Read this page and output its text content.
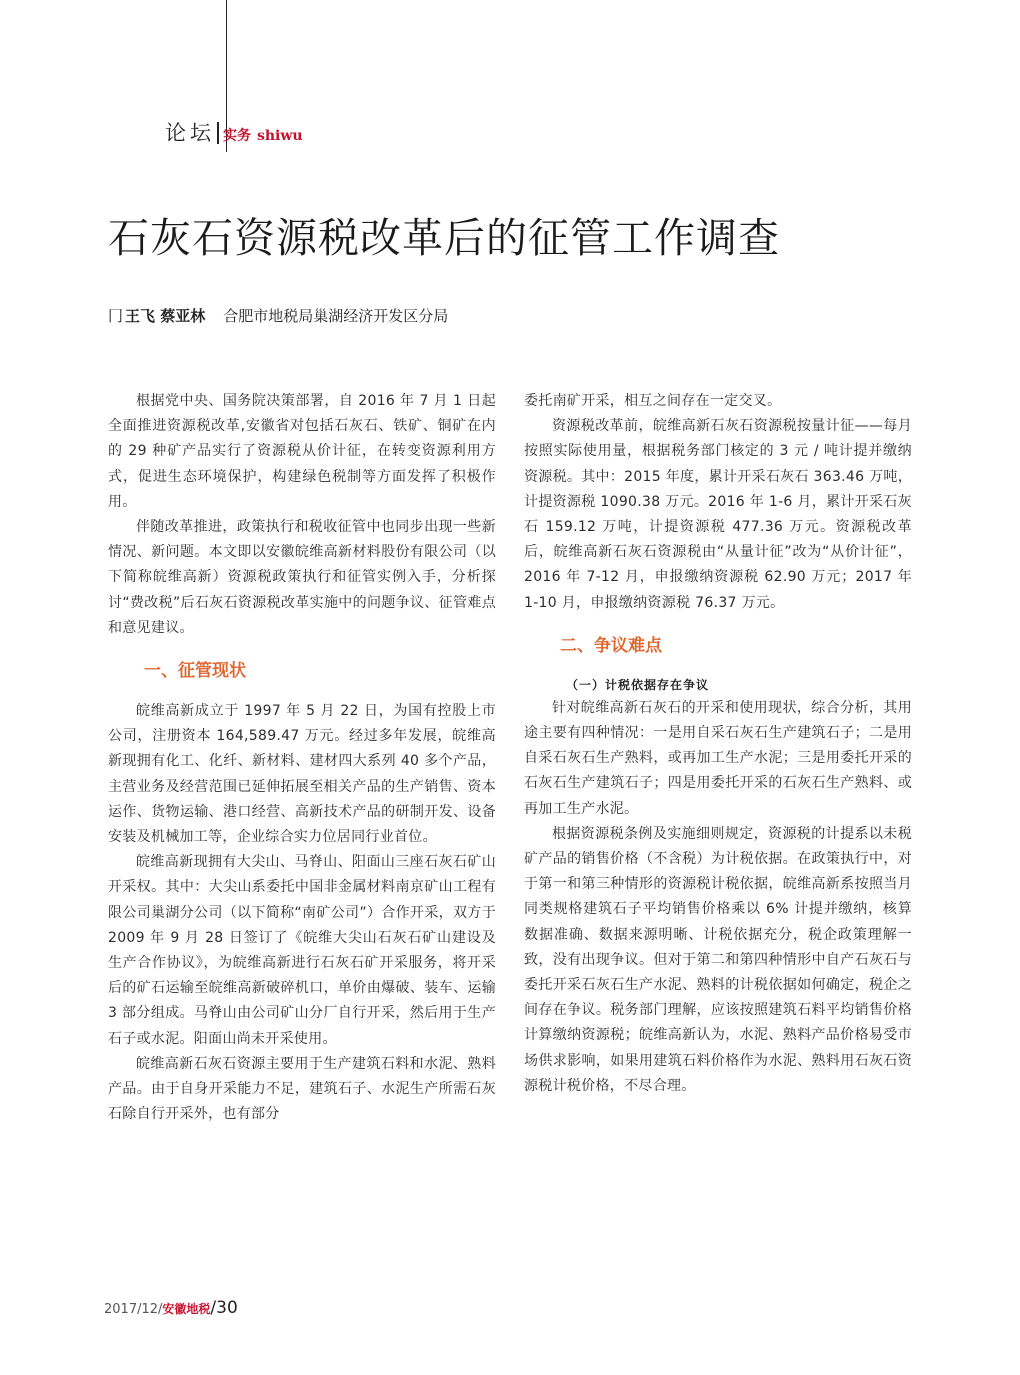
论坛 实务 shiwu
石灰石资源税改革后的征管工作调查
冂 王飞 蔡亚林 合肥市地税局巢湖经济开发区分局

根据党中央、国务院决策部署，自 2016 年 7 月 1 日起全面推进资源税改革,安徽省对包括石灰石、铁矿、铜矿在内的 29 种矿产品实行了资源税从价计征，在转变资源利用方式，促进生态环境保护，构建绿色税制等方面发挥了积极作用。

伴随改革推进，政策执行和税收征管中也同步出现一些新情况、新问题。本文即以安徽皖维高新材料股份有限公司（以下简称皖维高新）资源税政策执行和征管实例入手，分析探讨“费改税”后石灰石资源税改革实施中的问题争议、征管难点和意见建议。

一、征管现状

皖维高新成立于 1997 年 5 月 22 日，为国有控股上市公司，注册资本 164,589.47 万元。经过多年发展，皖维高新现拥有化工、化纤、新材料、建材四大系列 40 多个产品，主营业务及经营范围已延伸拓展至相关产品的生产销售、资本运作、货物运输、港口经营、高新技术产品的研制开发、设备安装及机械加工等，企业综合实力位居同行业首位。

皖维高新现拥有大尖山、马脊山、阳面山三座石灰石矿山开采权。其中：大尖山系委托中国非金属材料南京矿山工程有限公司巢湖分公司（以下简称“南矿公司”）合作开采，双方于 2009 年 9 月 28 日签订了《皖维大尖山石灰石矿山建设及生产合作协议》，为皖维高新进行石灰石矿开采服务，将开采后的矿石运输至皖维高新破碎机口，单价由爆破、装车、运输 3 部分组成。马脊山由公司矿山分厂自行开采，然后用于生产石子或水泥。阳面山尚未开采使用。

皖维高新石灰石资源主要用于生产建筑石料和水泥、熟料产品。由于自身开采能力不足，建筑石子、水泥生产所需石灰石除自行开采外，也有部分

委托南矿开采，相互之间存在一定交叉。

资源税改革前，皖维高新石灰石资源税按量计征——每月按照实际使用量，根据税务部门核定的 3 元 / 吨计提并缴纳资源税。其中：2015 年度，累计开采石灰石 363.46 万吨，计提资源税 1090.38 万元。2016 年 1-6 月，累计开采石灰石 159.12 万吨，计提资源税 477.36 万元。资源税改革后，皖维高新石灰石资源税由“从量计征”改为“从价计征”，2016 年 7-12 月，申报缴纳资源税 62.90 万元；2017 年 1-10 月，申报缴纳资源税 76.37 万元。

二、争议难点
（一）计税依据存在争议

针对皖维高新石灰石的开采和使用现状，综合分析，其用途主要有四种情况：一是用自采石灰石生产建筑石子；二是用自采石灰石生产熟料，或再加工生产水泥；三是用委托开采的石灰石生产建筑石子；四是用委托开采的石灰石生产熟料、或再加工生产水泥。

根据资源税条例及实施细则规定，资源税的计提系以未税矿产品的销售价格（不含税）为计税依据。在政策执行中，对于第一和第三种情形的资源税计税依据，皖维高新系按照当月同类规格建筑石子平均销售价格乘以 6% 计提并缴纳，核算数据准确、数据来源明晰、计税依据充分，税企政策理解一致，没有出现争议。但对于第二和第四种情形中自产石灰石与委托开采石灰石生产水泥、熟料的计税依据如何确定，税企之间存在争议。税务部门理解，应该按照建筑石料平均销售价格计算缴纳资源税；皖维高新认为，水泥、熟料产品价格易受市场供求影响，如果用建筑石料价格作为水泥、熟料用石灰石资源税计税价格，不尽合理。

2017/12/安徽地税/30
